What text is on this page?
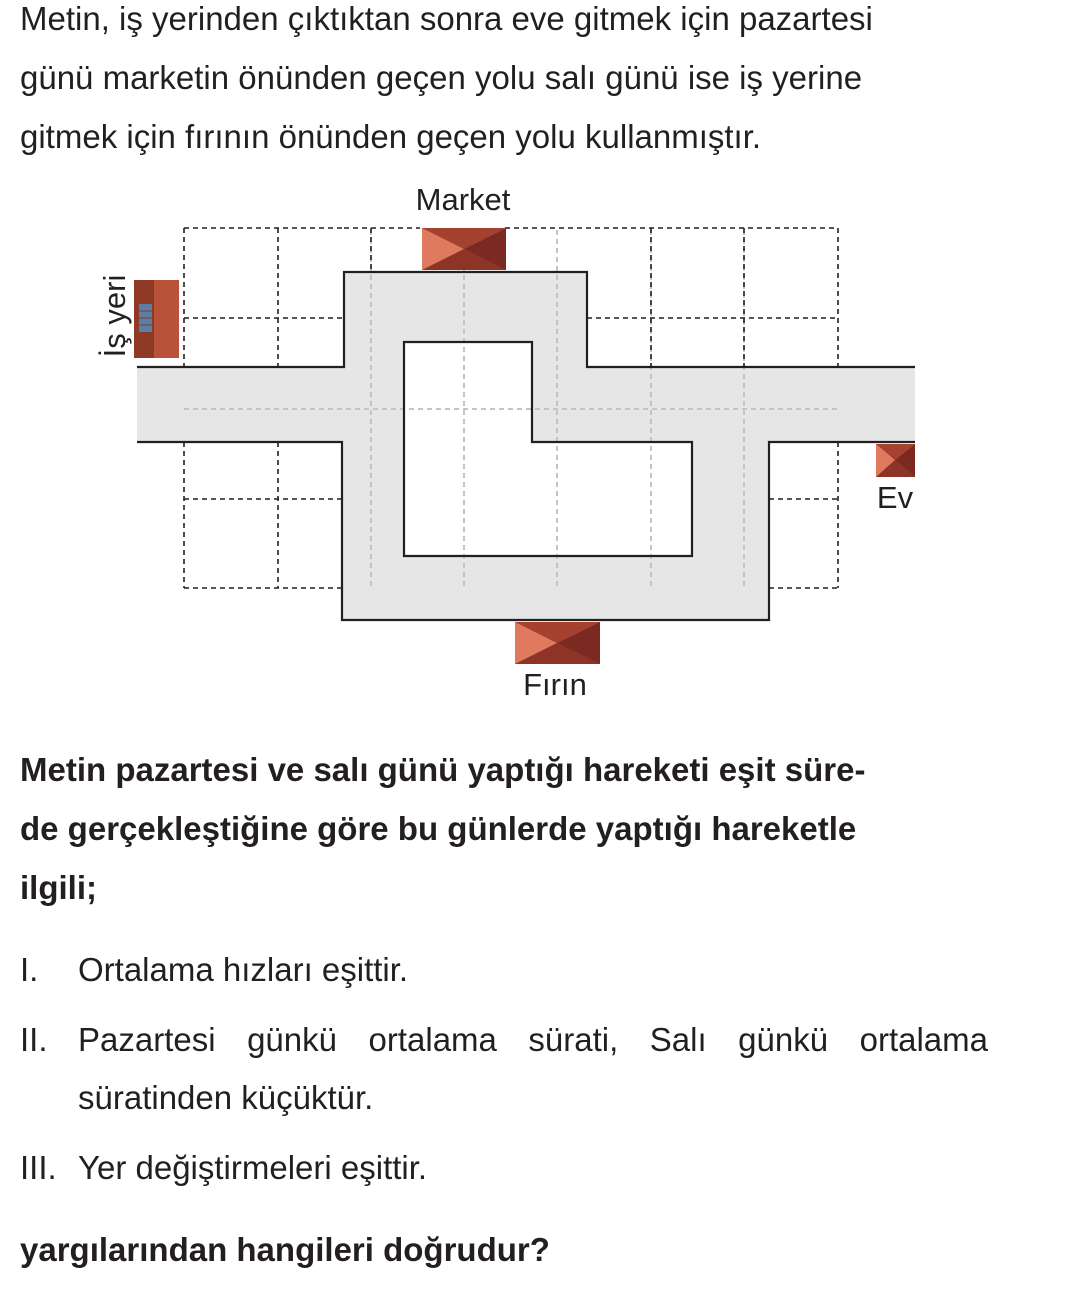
Metin, iş yerinden çıktıktan sonra eve gitmek için pazartesi
günü marketin önünden geçen yolu salı günü ise iş yerine
gitmek için fırının önünden geçen yolu kullanmıştır.

Market
Fırın
Ev
İş yeri

Metin pazartesi ve salı günü yaptığı hareketi eşit süre-
de gerçekleştiğine göre bu günlerde yaptığı hareketle
ilgili;

I. Ortalama hızları eşittir.
II. Pazartesi günkü ortalama sürati, Salı günkü ortalama
süratinden küçüktür.
III. Yer değiştirmeleri eşittir.
yargılarından hangileri doğrudur?
